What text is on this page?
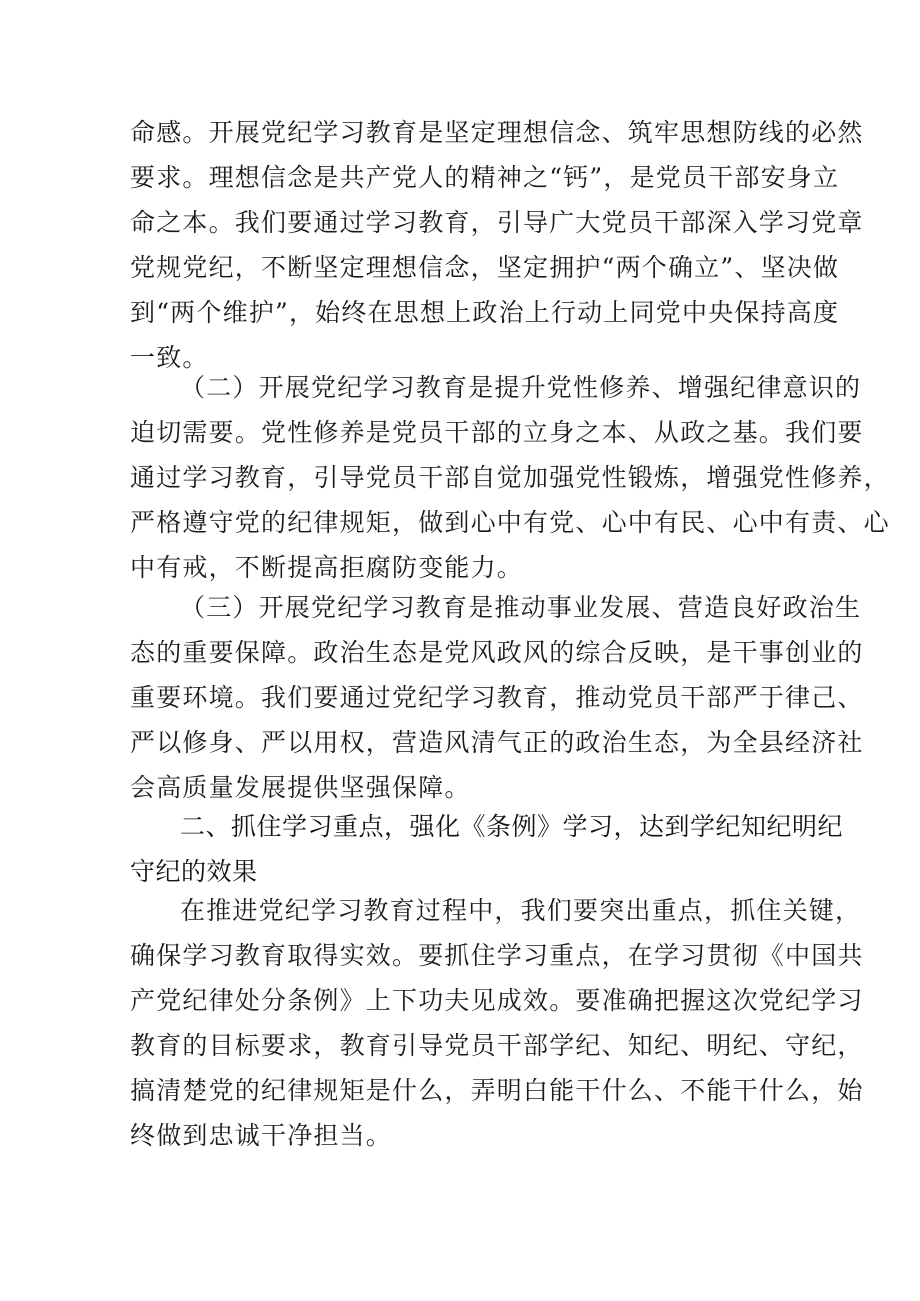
命感。开展党纪学习教育是坚定理想信念、筑牢思想防线的必然
要求。理想信念是共产党人的精神之“钙”，是党员干部安身立
命之本。我们要通过学习教育，引导广大党员干部深入学习党章
党规党纪，不断坚定理想信念，坚定拥护“两个确立”、坚决做
到“两个维护”，始终在思想上政治上行动上同党中央保持高度
一致。
（二）开展党纪学习教育是提升党性修养、增强纪律意识的
迫切需要。党性修养是党员干部的立身之本、从政之基。我们要
通过学习教育，引导党员干部自觉加强党性锻炼，增强党性修养，
严格遵守党的纪律规矩，做到心中有党、心中有民、心中有责、心
中有戒，不断提高拒腐防变能力。
（三）开展党纪学习教育是推动事业发展、营造良好政治生
态的重要保障。政治生态是党风政风的综合反映，是干事创业的
重要环境。我们要通过党纪学习教育，推动党员干部严于律己、
严以修身、严以用权，营造风清气正的政治生态，为全县经济社
会高质量发展提供坚强保障。
二、抓住学习重点，强化《条例》学习，达到学纪知纪明纪
守纪的效果
在推进党纪学习教育过程中，我们要突出重点，抓住关键，
确保学习教育取得实效。要抓住学习重点，在学习贯彻《中国共
产党纪律处分条例》上下功夫见成效。要准确把握这次党纪学习
教育的目标要求，教育引导党员干部学纪、知纪、明纪、守纪，
搞清楚党的纪律规矩是什么，弄明白能干什么、不能干什么，始
终做到忠诚干净担当。
